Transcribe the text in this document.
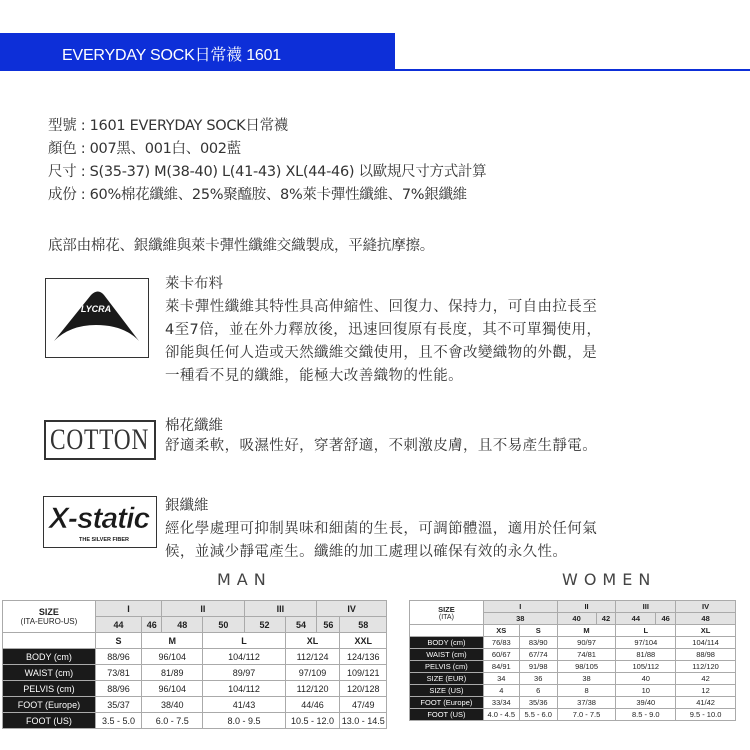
EVERYDAY SOCK日常襪 1601
型號 : 1601 EVERYDAY SOCK日常襪
顏色 : 007黑、001白、002藍
尺寸 : S(35-37) M(38-40) L(41-43) XL(44-46) 以歐規尺寸方式計算
成份 : 60%棉花纖維、25%聚醯胺、8%萊卡彈性纖維、7%銀纖維
底部由棉花、銀纖維與萊卡彈性纖維交織製成，平縫抗摩擦。
LYCRA
萊卡布料
萊卡彈性纖維其特性具高伸縮性、回復力、保持力，可自由拉長至
4至7倍，並在外力釋放後，迅速回復原有長度，其不可單獨使用，
卻能與任何人造或天然纖維交織使用，且不會改變織物的外觀，是
一種看不見的纖維，能極大改善織物的性能。
COTTON 棉花纖維
舒適柔軟，吸濕性好，穿著舒適，不刺激皮膚，且不易產生靜電。
X-static
THE SILVER FIBER
銀纖維
經化學處理可抑制異味和細菌的生長，可調節體溫，適用於任何氣
候，並減少靜電產生。纖維的加工處理以確保有效的永久性。
MAN	WOMEN
SIZE
(ITA-EURO-US)	I		II		III		IV	
	44	46	48	50	52	54	56	58
	S	M		L		XL		XXL
BODY (cm)	88/96	96/104		104/112		112/124		124/136
WAIST (cm)	73/81	81/89		89/97		97/109		109/121
PELVIS (cm)	88/96	96/104		104/112		112/120		120/128
FOOT (Europe)	35/37	38/40		41/43		44/46		47/49
FOOT (US)	3.5 - 5.0	6.0 - 7.5		8.0 - 9.5		10.5 - 12.0		13.0 - 14.5
SIZE
(ITA)	I		II		III		IV
	38		40	42	44	46	48
	XS	S	M		L		XL
BODY (cm)	76/83	83/90	90/97		97/104		104/114
WAIST (cm)	60/67	67/74	74/81		81/88		88/98
PELVIS (cm)	84/91	91/98	98/105		105/112		112/120
SIZE (EUR)	34	36	38		40		42
SIZE (US)	4	6	8		10		12
FOOT (Europe)	33/34	35/36	37/38		39/40		41/42
FOOT (US)	4.0 - 4.5	5.5 - 6.0	7.0 - 7.5		8.5 - 9.0		9.5 - 10.0
